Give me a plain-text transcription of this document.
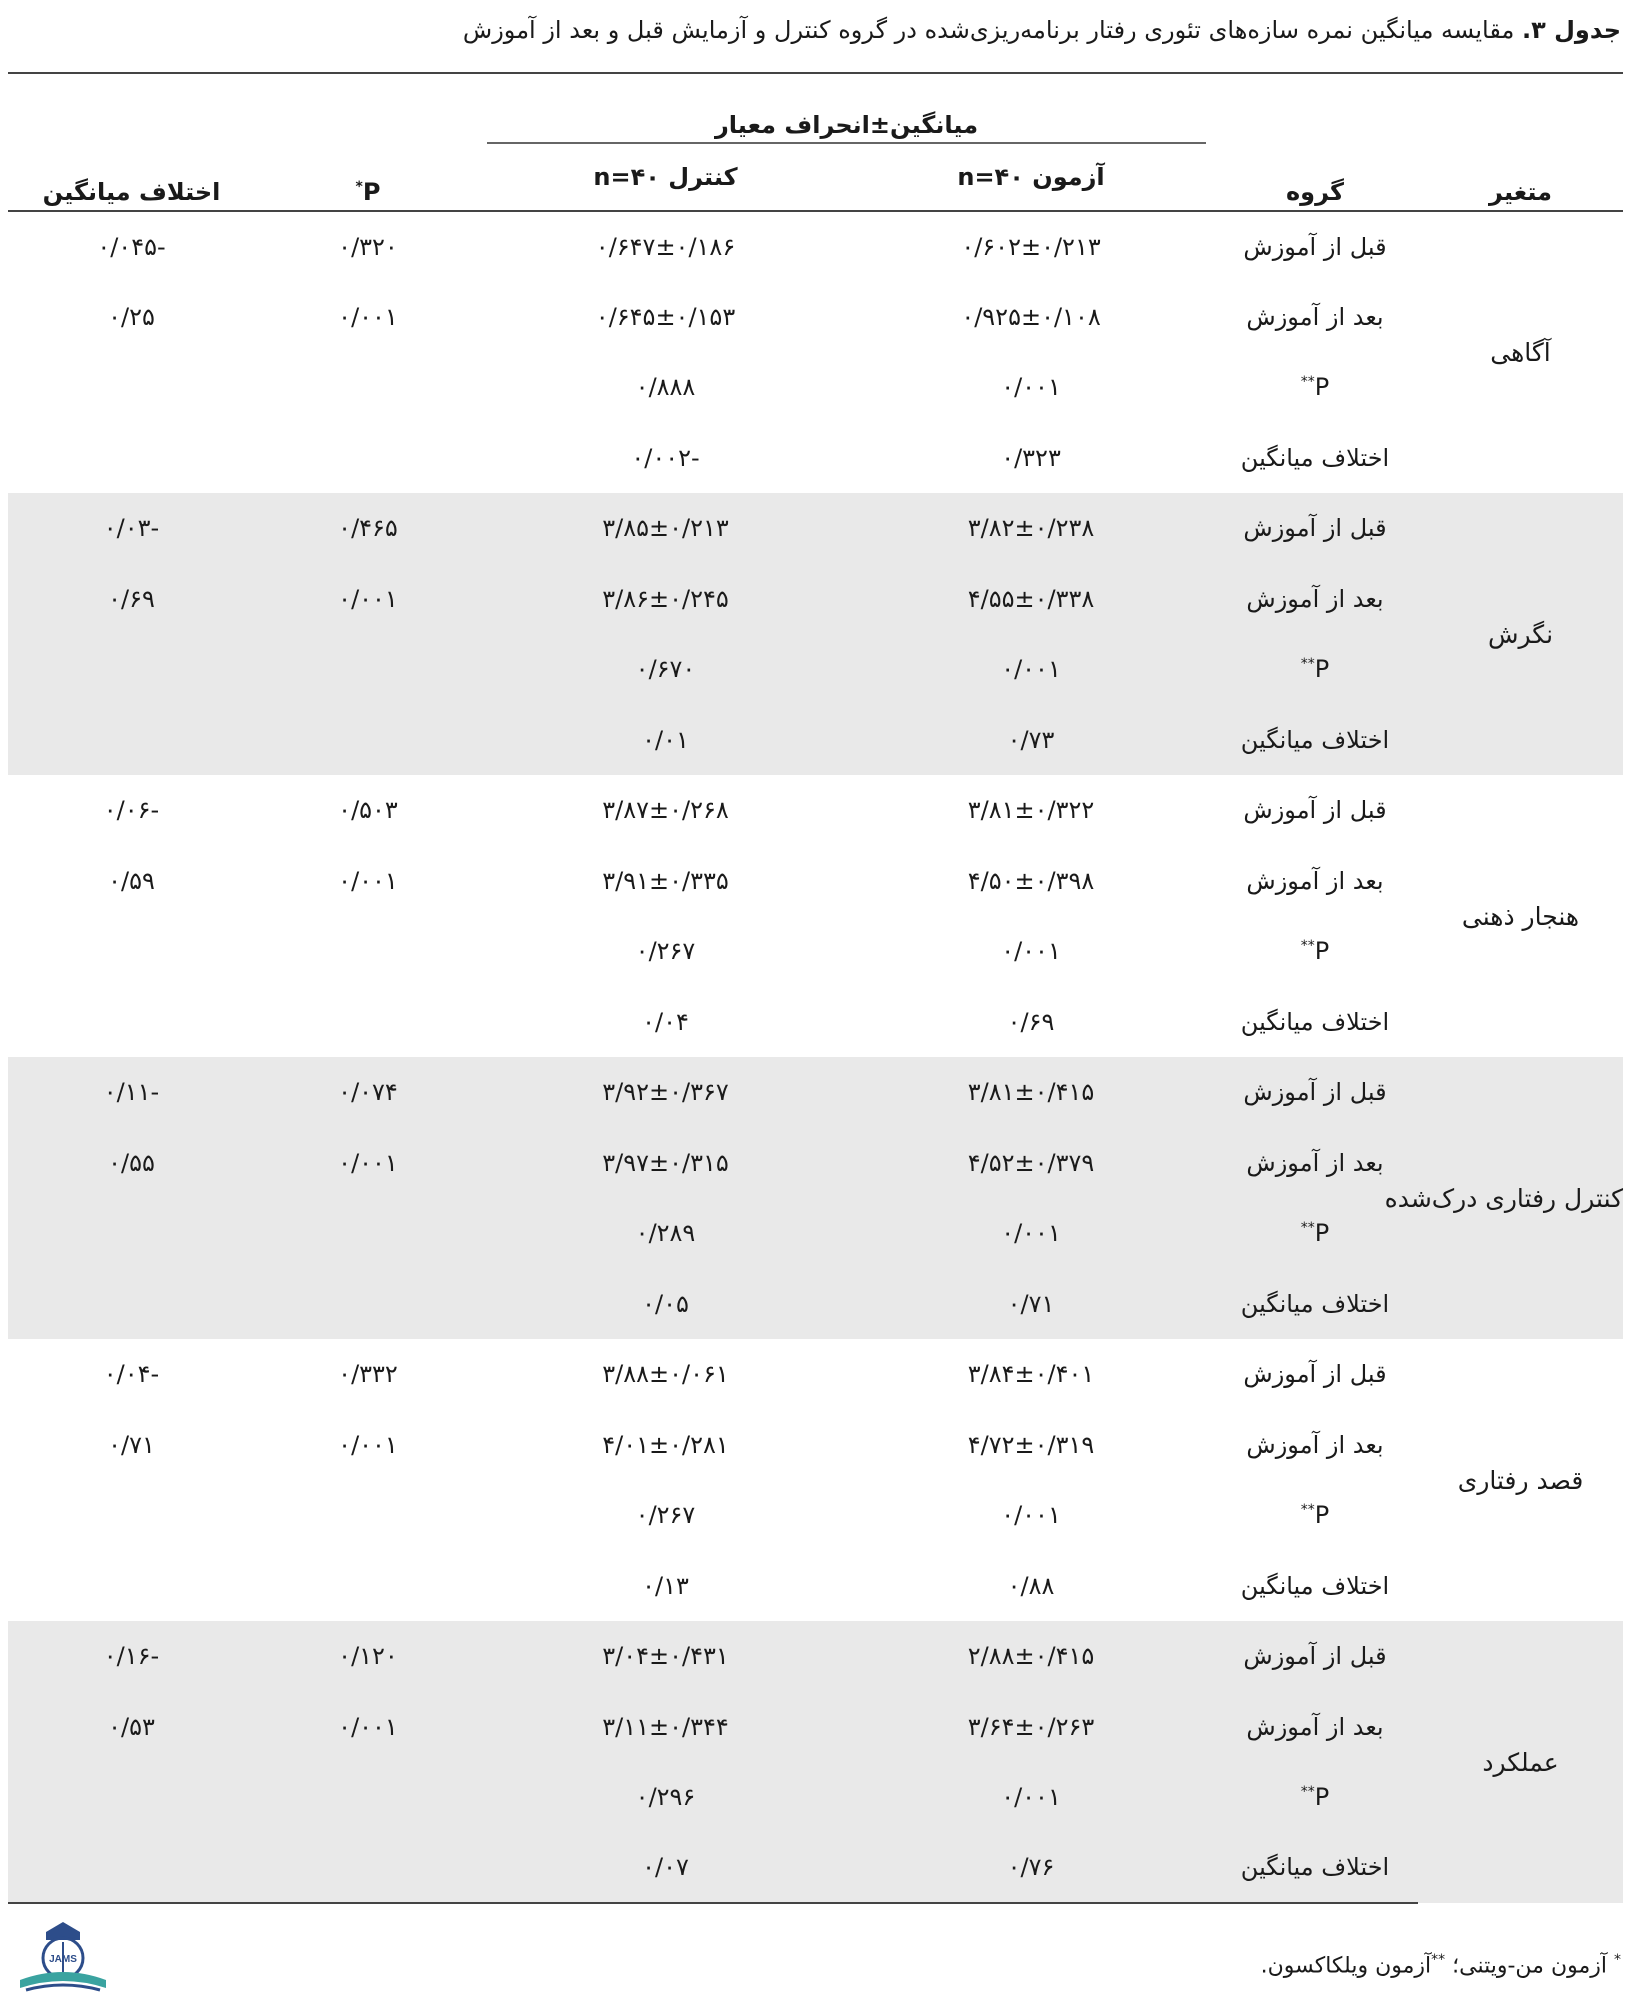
جدول ۳. مقایسه میانگین نمره سازه‌های تئوری رفتار برنامه‌ریزی‌شده در گروه کنترل و آزمایش قبل و بعد از آموزش
متغیر	گروه	میانگین±انحراف معیار		P*	اختلاف میانگین
		آزمون n=۴۰	کنترل n=۴۰		
آگاهی	قبل از آموزش	۰/۶۰۲±۰/۲۱۳	۰/۶۴۷±۰/۱۸۶	۰/۳۲۰	-۰/۰۴۵
	بعد از آموزش	۰/۹۲۵±۰/۱۰۸	۰/۶۴۵±۰/۱۵۳	۰/۰۰۱	۰/۲۵
	P**	۰/۰۰۱	۰/۸۸۸		
	اختلاف میانگین	۰/۳۲۳	-۰/۰۰۲		
نگرش	قبل از آموزش	۳/۸۲±۰/۲۳۸	۳/۸۵±۰/۲۱۳	۰/۴۶۵	-۰/۰۳
	بعد از آموزش	۴/۵۵±۰/۳۳۸	۳/۸۶±۰/۲۴۵	۰/۰۰۱	۰/۶۹
	P**	۰/۰۰۱	۰/۶۷۰		
	اختلاف میانگین	۰/۷۳	۰/۰۱		
هنجار ذهنی	قبل از آموزش	۳/۸۱±۰/۳۲۲	۳/۸۷±۰/۲۶۸	۰/۵۰۳	-۰/۰۶
	بعد از آموزش	۴/۵۰±۰/۳۹۸	۳/۹۱±۰/۳۳۵	۰/۰۰۱	۰/۵۹
	P**	۰/۰۰۱	۰/۲۶۷		
	اختلاف میانگین	۰/۶۹	۰/۰۴		
کنترل رفتاری درک‌شده	قبل از آموزش	۳/۸۱±۰/۴۱۵	۳/۹۲±۰/۳۶۷	۰/۰۷۴	-۰/۱۱
	بعد از آموزش	۴/۵۲±۰/۳۷۹	۳/۹۷±۰/۳۱۵	۰/۰۰۱	۰/۵۵
	P**	۰/۰۰۱	۰/۲۸۹		
	اختلاف میانگین	۰/۷۱	۰/۰۵		
قصد رفتاری	قبل از آموزش	۳/۸۴±۰/۴۰۱	۳/۸۸±۰/۰۶۱	۰/۳۳۲	-۰/۰۴
	بعد از آموزش	۴/۷۲±۰/۳۱۹	۴/۰۱±۰/۲۸۱	۰/۰۰۱	۰/۷۱
	P**	۰/۰۰۱	۰/۲۶۷		
	اختلاف میانگین	۰/۸۸	۰/۱۳		
عملکرد	قبل از آموزش	۲/۸۸±۰/۴۱۵	۳/۰۴±۰/۴۳۱	۰/۱۲۰	-۰/۱۶
	بعد از آموزش	۳/۶۴±۰/۲۶۳	۳/۱۱±۰/۳۴۴	۰/۰۰۱	۰/۵۳
	P**	۰/۰۰۱	۰/۲۹۶		
	اختلاف میانگین	۰/۷۶	۰/۰۷		
* آزمون من-ویتنی؛ **آزمون ویلکاکسون.
JAMS
